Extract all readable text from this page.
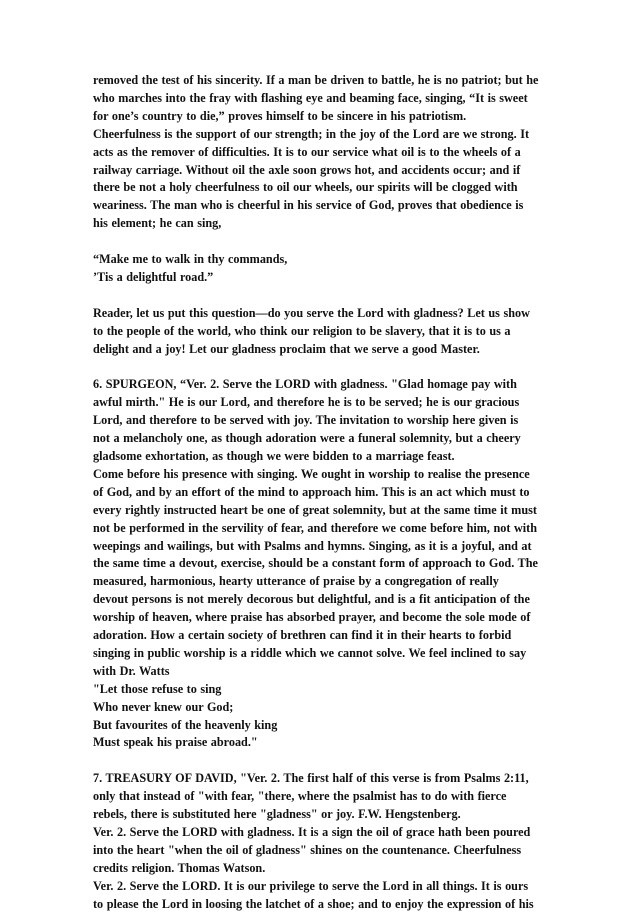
removed the test of his sincerity. If a man be driven to battle, he is no patriot; but he
who marches into the fray with flashing eye and beaming face, singing, “It is sweet
for one’s country to die,” proves himself to be sincere in his patriotism.
Cheerfulness is the support of our strength; in the joy of the Lord are we strong. It
acts as the remover of difficulties. It is to our service what oil is to the wheels of a
railway carriage. Without oil the axle soon grows hot, and accidents occur; and if
there be not a holy cheerfulness to oil our wheels, our spirits will be clogged with
weariness. The man who is cheerful in his service of God, proves that obedience is
his element; he can sing,
“Make me to walk in thy commands,
’Tis a delightful road.”
Reader, let us put this question—do you serve the Lord with gladness? Let us show
to the people of the world, who think our religion to be slavery, that it is to us a
delight and a joy! Let our gladness proclaim that we serve a good Master.
6. SPURGEON, “Ver. 2. Serve the LORD with gladness. "Glad homage pay with
awful mirth." He is our Lord, and therefore he is to be served; he is our gracious
Lord, and therefore to be served with joy. The invitation to worship here given is
not a melancholy one, as though adoration were a funeral solemnity, but a cheery
gladsome exhortation, as though we were bidden to a marriage feast.
Come before his presence with singing. We ought in worship to realise the presence
of God, and by an effort of the mind to approach him. This is an act which must to
every rightly instructed heart be one of great solemnity, but at the same time it must
not be performed in the servility of fear, and therefore we come before him, not with
weepings and wailings, but with Psalms and hymns. Singing, as it is a joyful, and at
the same time a devout, exercise, should be a constant form of approach to God. The
measured, harmonious, hearty utterance of praise by a congregation of really
devout persons is not merely decorous but delightful, and is a fit anticipation of the
worship of heaven, where praise has absorbed prayer, and become the sole mode of
adoration. How a certain society of brethren can find it in their hearts to forbid
singing in public worship is a riddle which we cannot solve. We feel inclined to say
with Dr. Watts
"Let those refuse to sing
Who never knew our God;
But favourites of the heavenly king
Must speak his praise abroad."
7. TREASURY OF DAVID, "Ver. 2. The first half of this verse is from Psalms 2:11,
only that instead of "with fear, "there, where the psalmist has to do with fierce
rebels, there is substituted here "gladness" or joy. F.W. Hengstenberg.
Ver. 2. Serve the LORD with gladness. It is a sign the oil of grace hath been poured
into the heart "when the oil of gladness" shines on the countenance. Cheerfulness
credits religion. Thomas Watson.
Ver. 2. Serve the LORD. It is our privilege to serve the Lord in all things. It is ours
to please the Lord in loosing the latchet of a shoe; and to enjoy the expression of his
